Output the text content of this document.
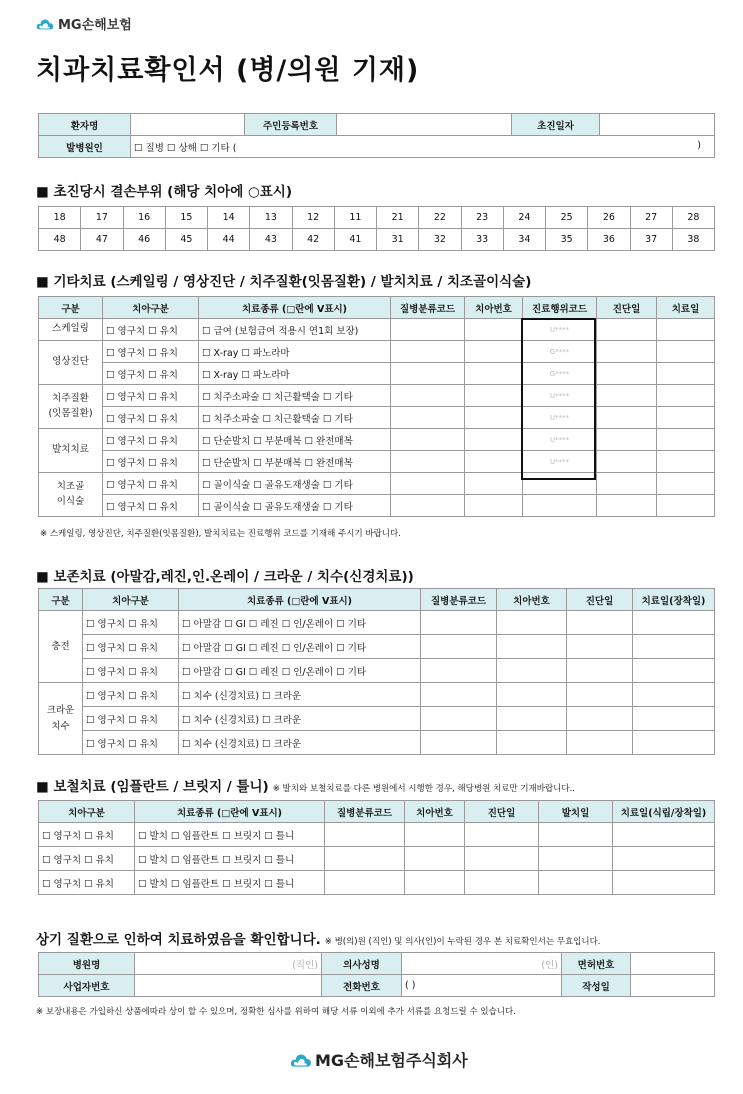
MG손해보험
치과치료확인서 (병/의원 기재)
환자명		주민등록번호		초진일자	
발병원인	☐ 질병 ☐ 상해 ☐ 기타 ( )				
■ 초진당시 결손부위 (해당 치아에 ○표시)
18	17	16	15	14	13	12	11	21	22	23	24	25	26	27	28
48	47	46	45	44	43	42	41	31	32	33	34	35	36	37	38
■ 기타치료 (스케일링 / 영상진단 / 치주질환(잇몸질환) / 발치치료 / 치조골이식술)
구분	치아구분	치료종류 (□란에 V표시)	질병분류코드	치아번호	진료행위코드	진단일	치료일
스케일링	☐ 영구치 ☐ 유치	☐ 급여 (보험급여 적용시 연1회 보장)			U****		
영상진단	☐ 영구치 ☐ 유치	☐ X-ray ☐ 파노라마			G****		
	☐ 영구치 ☐ 유치	☐ X-ray ☐ 파노라마			G****		
치주질환
(잇몸질환)	☐ 영구치 ☐ 유치	☐ 치주소파술 ☐ 치근활택술 ☐ 기타			U****		
	☐ 영구치 ☐ 유치	☐ 치주소파술 ☐ 치근활택술 ☐ 기타			U****		
발치치료	☐ 영구치 ☐ 유치	☐ 단순발치 ☐ 부분매복 ☐ 완전매복			U****		
	☐ 영구치 ☐ 유치	☐ 단순발치 ☐ 부분매복 ☐ 완전매복			U****		
치조골
이식술	☐ 영구치 ☐ 유치	☐ 골이식술 ☐ 골유도재생술 ☐ 기타					
	☐ 영구치 ☐ 유치	☐ 골이식술 ☐ 골유도재생술 ☐ 기타					
※ 스케일링, 영상진단, 치주질환(잇몸질환), 발치치료는 진료행위 코드를 기재해 주시기 바랍니다.
■ 보존치료 (아말감,레진,인.온레이 / 크라운 / 치수(신경치료))
구분	치아구분	치료종류 (□란에 V표시)	질병분류코드	치아번호	진단일	치료일(장착일)
충전	☐ 영구치 ☐ 유치	☐ 아말감 ☐ GI ☐ 레진 ☐ 인/온레이 ☐ 기타				
	☐ 영구치 ☐ 유치	☐ 아말감 ☐ GI ☐ 레진 ☐ 인/온레이 ☐ 기타				
	☐ 영구치 ☐ 유치	☐ 아말감 ☐ GI ☐ 레진 ☐ 인/온레이 ☐ 기타				
크라운
치수	☐ 영구치 ☐ 유치	☐ 치수 (신경치료) ☐ 크라운				
	☐ 영구치 ☐ 유치	☐ 치수 (신경치료) ☐ 크라운				
	☐ 영구치 ☐ 유치	☐ 치수 (신경치료) ☐ 크라운				
■ 보철치료 (임플란트 / 브릿지 / 틀니) ※ 발치와 보철치료를 다른 병원에서 시행한 경우, 해당병원 치료만 기재바랍니다..
치아구분	치료종류 (□란에 V표시)	질병분류코드	치아번호	진단일	발치일	치료일(식립/장착일)
☐ 영구치 ☐ 유치	☐ 발치 ☐ 임플란트 ☐ 브릿지 ☐ 틀니					
☐ 영구치 ☐ 유치	☐ 발치 ☐ 임플란트 ☐ 브릿지 ☐ 틀니					
☐ 영구치 ☐ 유치	☐ 발치 ☐ 임플란트 ☐ 브릿지 ☐ 틀니					
상기 질환으로 인하여 치료하였음을 확인합니다. ※ 병(의)원 (직인) 및 의사(인)이 누락된 경우 본 치료확인서는 무효입니다.
병원명	(직인)	의사성명	(인)	면허번호	
사업자번호		전화번호	( )	작성일	
※ 보장내용은 가입하신 상품에따라 상이 할 수 있으며, 정확한 심사를 위하여 해당 서류 이외에 추가 서류를 요청드릴 수 있습니다.
MG손해보험주식회사
